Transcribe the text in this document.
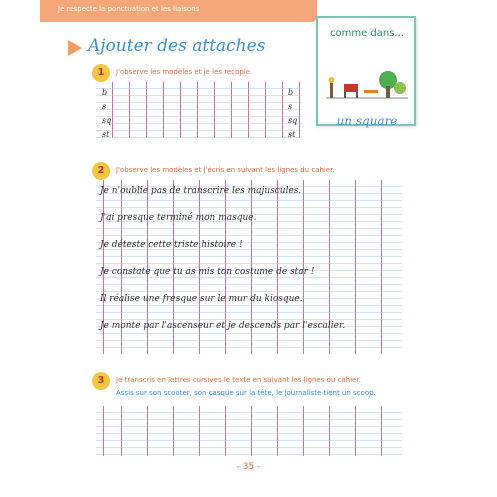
Je respecte la ponctuation et les liaisons
Ajouter des attaches
comme dans...
un square
1	J'observe les modèles et je les recopie.
b
s
sq
st
b
s
sq
st
2	J'observe les modèles et j'écris en suivant les lignes du cahier.
Je n'oublie pas de transcrire les majuscules.
J'ai presque terminé mon masque.
Je déteste cette triste histoire !
Je constate que tu as mis ton costume de star !
Il réalise une fresque sur le mur du kiosque.
Je monte par l'ascenseur et je descends par l'escalier.
3	Je transcris en lettres cursives le texte en suivant les lignes du cahier.
Assis sur son scooter, son casque sur la tête, le journaliste tient un scoop.
- 35 -
